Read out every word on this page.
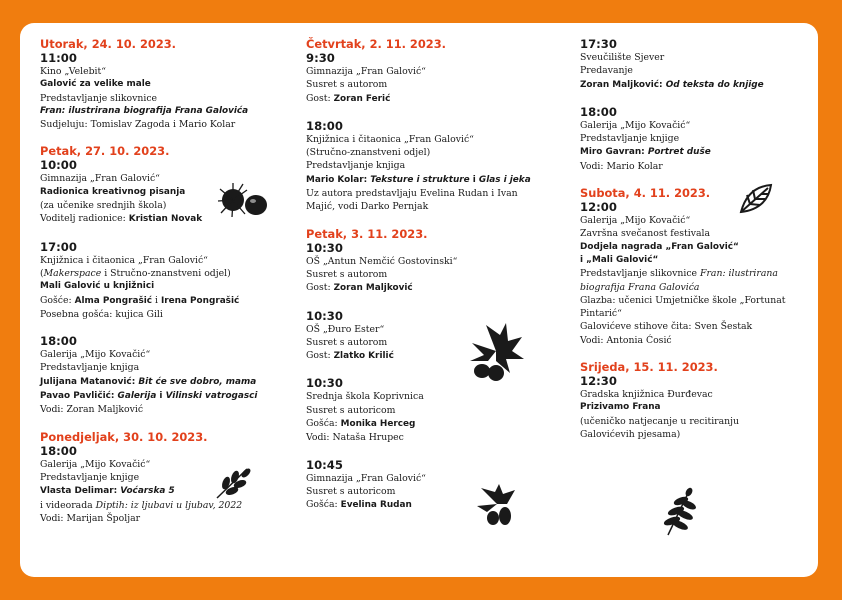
Utorak, 24. 10. 2023.
11:00
Kino „Velebit“
Galović za velike male
Predstavljanje slikovnice
Fran: ilustrirana biografija Frana Galovića
Sudjeluju: Tomislav Zagoda i Mario Kolar
Petak, 27. 10. 2023.
10:00
Gimnazija „Fran Galović“
Radionica kreativnog pisanja
(za učenike srednjih škola)
Voditelj radionice: Kristian Novak
17:00
Knjižnica i čitaonica „Fran Galović“
(Makerspace i Stručno-znanstveni odjel)
Mali Galović u knjižnici
Gošće: Alma Pongrašić i Irena Pongrašić
Posebna gošća: kujica Gili
18:00
Galerija „Mijo Kovačić“
Predstavljanje knjiga
Julijana Matanović: Bit će sve dobro, mama
Pavao Pavličić: Galerija i Vilinski vatrogasci
Vodi: Zoran Maljković
Ponedjeljak, 30. 10. 2023.
18:00
Galerija „Mijo Kovačić“
Predstavljanje knjige
Vlasta Delimar: Voćarska 5
i videorada Diptih: iz ljubavi u ljubav, 2022
Vodi: Marijan Špoljar
Četvrtak, 2. 11. 2023.
9:30
Gimnazija „Fran Galović“
Susret s autorom
Gost: Zoran Ferić
18:00
Knjižnica i čitaonica „Fran Galović“
(Stručno-znanstveni odjel)
Predstavljanje knjiga
Mario Kolar: Teksture i strukture i Glas i jeka
Uz autora predstavljaju Evelina Rudan i Ivan
Majić, vodi Darko Pernjak
Petak, 3. 11. 2023.
10:30
OŠ „Antun Nemčić Gostovinski“
Susret s autorom
Gost: Zoran Maljković
10:30
OŠ „Đuro Ester“
Susret s autorom
Gost: Zlatko Krilić
10:30
Srednja škola Koprivnica
Susret s autoricom
Gošća: Monika Herceg
Vodi: Nataša Hrupec
10:45
Gimnazija „Fran Galović“
Susret s autoricom
Gošća: Evelina Rudan
17:30
Sveučilište Sjever
Predavanje
Zoran Maljković: Od teksta do knjige
18:00
Galerija „Mijo Kovačić“
Predstavljanje knjige
Miro Gavran: Portret duše
Vodi: Mario Kolar
Subota, 4. 11. 2023.
12:00
Galerija „Mijo Kovačić“
Završna svečanost festivala
Dodjela nagrada „Fran Galović“
i „Mali Galović“
Predstavljanje slikovnice Fran: ilustrirana
biografija Frana Galovića
Glazba: učenici Umjetničke škole „Fortunat
Pintarić“
Galovićeve stihove čita: Sven Šestak
Vodi: Antonia Ćosić
Srijeda, 15. 11. 2023.
12:30
Gradska knjižnica Đurđevac
Prizivamo Frana
(učeničko natjecanje u recitiranju
Galovićevih pjesama)
